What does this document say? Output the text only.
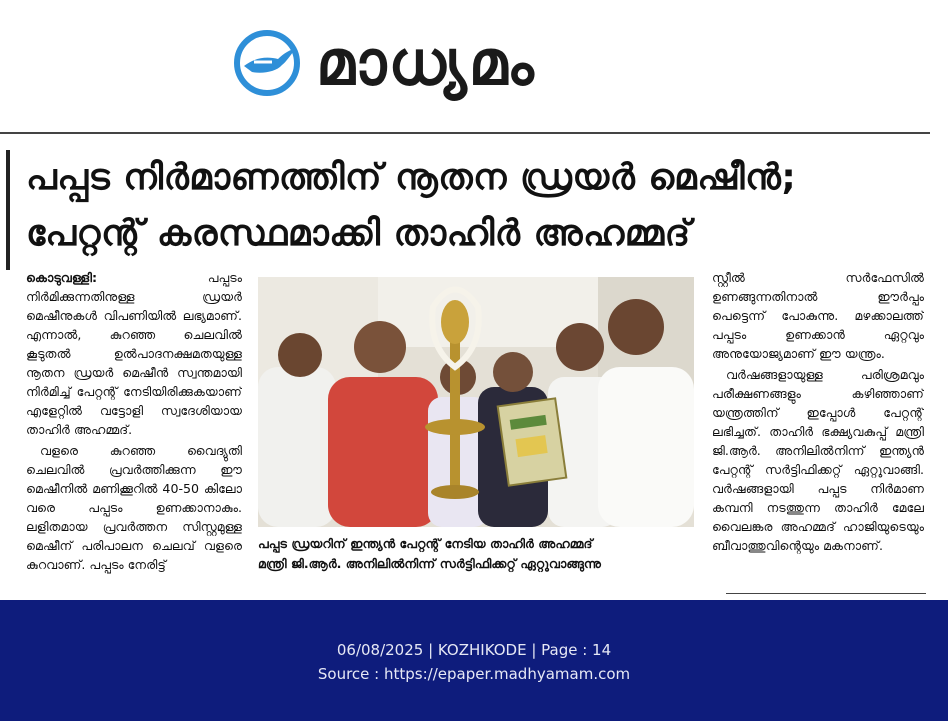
മാധ്യമം
പപ്പട നിർമാണത്തിന് നൂതന ഡ്രയർ മെഷീൻ;
പേറ്റന്റ് കരസ്ഥമാക്കി താഹിർ അഹമ്മദ്

കൊടുവള്ളി: പപ്പടം നിർമിക്കുന്നതിനുള്ള ഡ്രയർ മെഷീനുകൾ വിപണിയിൽ ലഭ്യമാണ്. എന്നാൽ, കുറഞ്ഞ ചെലവിൽ കൂടുതൽ ഉൽപാദനക്ഷമതയുള്ള നൂതന ഡ്രയർ മെഷീൻ സ്വന്തമായി നിർമിച്ച് പേറ്റന്റ് നേടിയിരിക്കുകയാണ് എളേറ്റിൽ വട്ടോളി സ്വദേശിയായ താഹിർ അഹമ്മദ്.

വളരെ കുറഞ്ഞ വൈദ്യുതി ചെലവിൽ പ്രവർത്തിക്കുന്ന ഈ മെഷീനിൽ മണിക്കൂറിൽ 40-50 കിലോ വരെ പപ്പടം ഉണക്കാനാകും. ലളിതമായ പ്രവർത്തന സിസ്റ്റമുള്ള മെഷീന് പരിപാലന ചെലവ് വളരെ കുറവാണ്. പപ്പടം നേരിട്ട്

പപ്പട ഡ്രയറിന് ഇന്ത്യൻ പേറ്റന്റ് നേടിയ താഹിർ അഹമ്മദ്
മന്ത്രി ജി.ആർ. അനിലിൽനിന്ന് സർട്ടിഫിക്കറ്റ് ഏറ്റുവാങ്ങുന്നു

സ്റ്റീൽ സർഫേസിൽ ഉണങ്ങുന്നതിനാൽ ഈർപ്പം പെട്ടെന്ന് പോകുന്നു. മഴക്കാലത്ത് പപ്പടം ഉണക്കാൻ ഏറ്റവും അനുയോജ്യമാണ് ഈ യന്ത്രം.

വർഷങ്ങളായുള്ള പരിശ്രമവും പരീക്ഷണങ്ങളും കഴിഞ്ഞാണ് യന്ത്രത്തിന് ഇപ്പോൾ പേറ്റന്റ് ലഭിച്ചത്. താഹിർ ഭക്ഷ്യവകുപ്പ് മന്ത്രി ജി.ആർ. അനിലിൽനിന്ന് ഇന്ത്യൻ പേറ്റന്റ് സർട്ടിഫിക്കറ്റ് ഏറ്റുവാങ്ങി. വർഷങ്ങളായി പപ്പട നിർമാണ കമ്പനി നടത്തുന്ന താഹിർ മേലേ വൈലങ്കര അഹമ്മദ് ഹാജിയുടെയും ബീവാത്തുവിന്റെയും മകനാണ്.

06/08/2025 | KOZHIKODE | Page : 14
Source : https://epaper.madhyamam.com
